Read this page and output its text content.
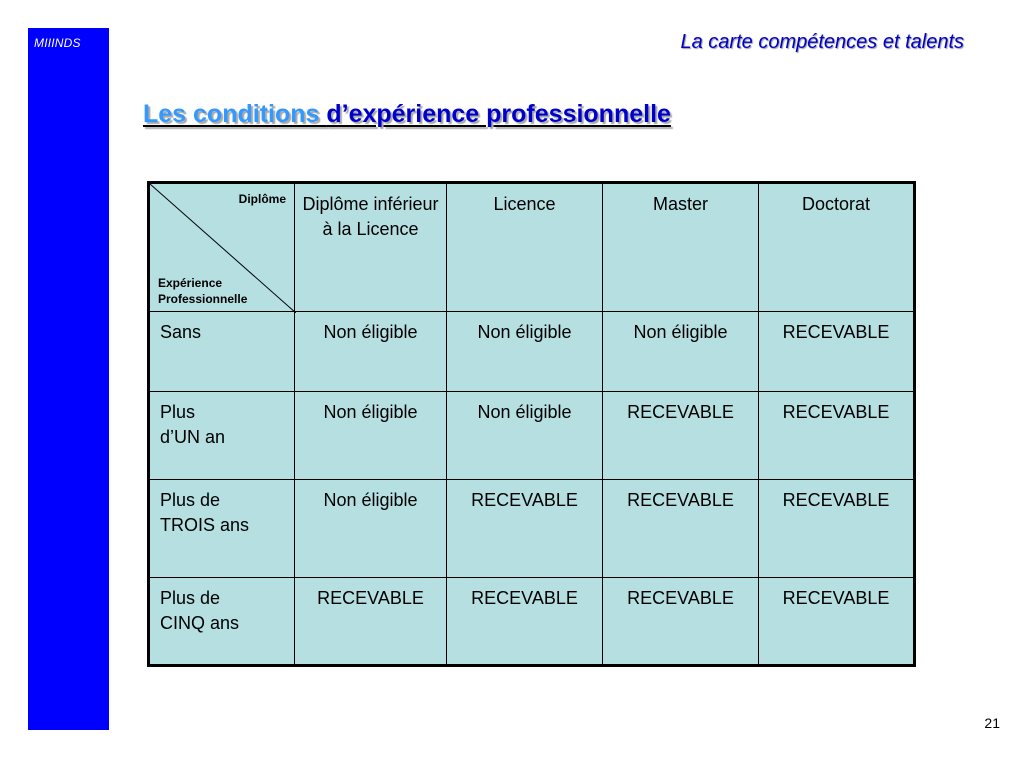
MIIINDS	La carte compétences et talents
Les conditions d’expérience professionnelle
Diplôme
Expérience
Professionnelle	Diplôme inférieur à la Licence	Licence	Master	Doctorat
Sans	Non éligible	Non éligible	Non éligible	RECEVABLE
Plus
d’UN an	Non éligible	Non éligible	RECEVABLE	RECEVABLE
Plus de
TROIS ans	Non éligible	RECEVABLE	RECEVABLE	RECEVABLE
Plus de
CINQ ans	RECEVABLE	RECEVABLE	RECEVABLE	RECEVABLE
21
